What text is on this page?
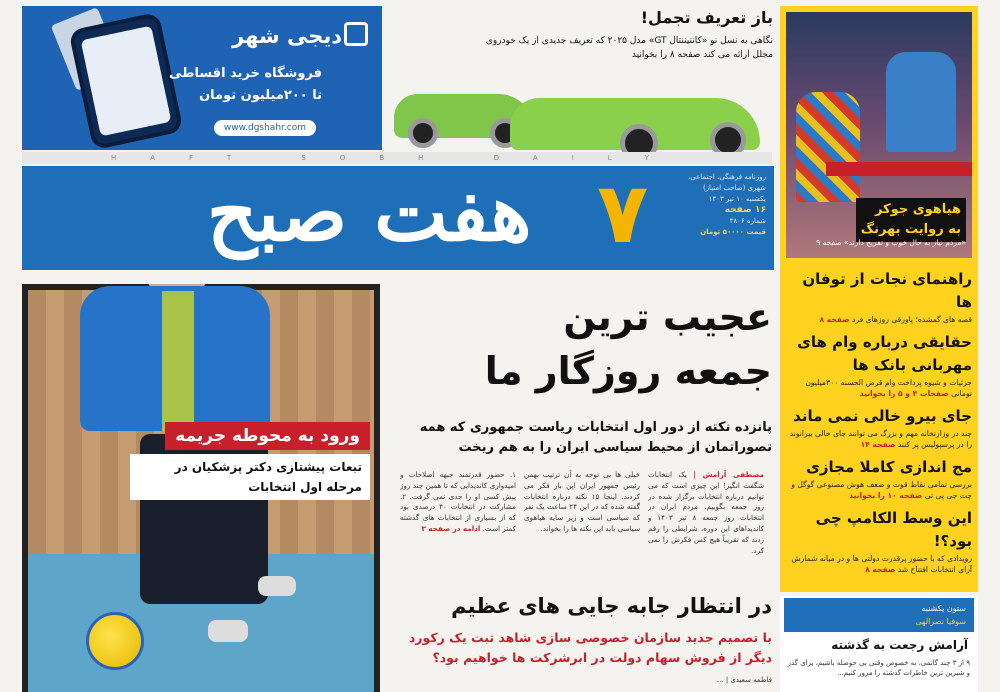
دیجی شهر
فروشگاه خرید اقساطی
تا ۲۰۰میلیون تومان
www.dgshahr.com
باز تعریف تجمل!
نگاهی به نسل نو «کانتیننتال GT» مدل ۲۰۲۵ که تعریف جدیدی از یک خودروی مجلل ارائه می کند صفحه ۸ را بخوانید
HAFT SOBH DAILY
هفت صبح ۷	روزنامه فرهنگی، اجتماعی،
شهری (صاحب امتیاز)
یکشنبه ۱۰ تیر ۱۴۰۳
۱۶ صفحه
شماره ۴۸۰۶
قیمت ۵۰۰۰۰ تومان
ورود به محوطه جریمه
تبعات پیشتازی دکتر پزشکیان در مرحله اول انتخابات
عجیب ترین
جمعه روزگار ما
پانزده نکته از دور اول انتخابات ریاست جمهوری که همه تصوراتمان از محیط سیاسی ایران را به هم ریخت
مصطفی آرامش | یک انتخابات شگفت انگیز! این چیزی است که می توانیم درباره انتخابات برگزار شده در روز جمعه بگوییم. مردم ایران در انتخابات روز جمعه ۸ تیر ۱۴۰۳ و کاندیداهای این دوره، شرایطی را رقم زدند که تقریباً هیچ کس فکرش را نمی کرد.
خیلی ها بی توجه به آن ترتیب بهمن رئیس جمهور ایران این بار فکر می کردند. اینجا ۱۵ نکته درباره انتخابات گفته شده که در این ۲۴ ساعت یک نفر که سیاسی است و زیر سایه هیاهوی سیاسی باید این نکته ها را بخواند.
۱. حضور قدرتمند جبهه اصلاحات و امیدواری کاندیدایی که تا همین چند روز پیش کسی او را جدی نمی گرفت. ۲. مشارکت در انتخابات ۴۰ درصدی بود که از بسیاری از انتخابات های گذشته کمتر است. ادامه در صفحه ۳
در انتظار جابه جایی های عظیم
با تصمیم جدید سازمان خصوصی سازی شاهد ثبت یک رکورد
دیگر از فروش سهام دولت در ابرشرکت ها خواهیم بود؟
فاطمه سعیدی | ...
هیاهوی جوکر
به روایت بهرنگ
«مردم نیاز به حال خوب و تفریح دارند» صفحه ۹
راهنمای نجات از توفان ها
قصه های گمشده؛ پاورقی روزهای فرد صفحه ۸
حقایقی درباره وام های مهربانی بانک ها
جزئیات و شیوه پرداخت وام قرض الحسنه ۳۰۰میلیون تومانی صفحات ۴ و ۵ را بخوانید
جای بیرو خالی نمی ماند
چند در وزارتخانه مهم و بزرگ می توانند جای خالی بیرانوند را در پرسپولیس پر کنند صفحه ۱۴
مج اندازی کاملا مجازی
بررسی تمامی نقاط قوت و ضعف هوش مصنوعی گوگل و چت جی پی تی صفحه ۱۰ را بخوانید
این وسط الکامپ چی بود؟!
رویدادی که با حضور پرقدرت دولتی ها و در میانه شمارش آرای انتخابات افتتاح شد صفحه ۸
ستون یکشنبه
سوفیا نصرالهی
آرامش رجعت به گذشته
۹ از ۳ چند گانمی، به خصوص وقتی بی حوصله باشیم، برای گذر و شیرین ترین خاطرات گذشته را مرور کنیم...
